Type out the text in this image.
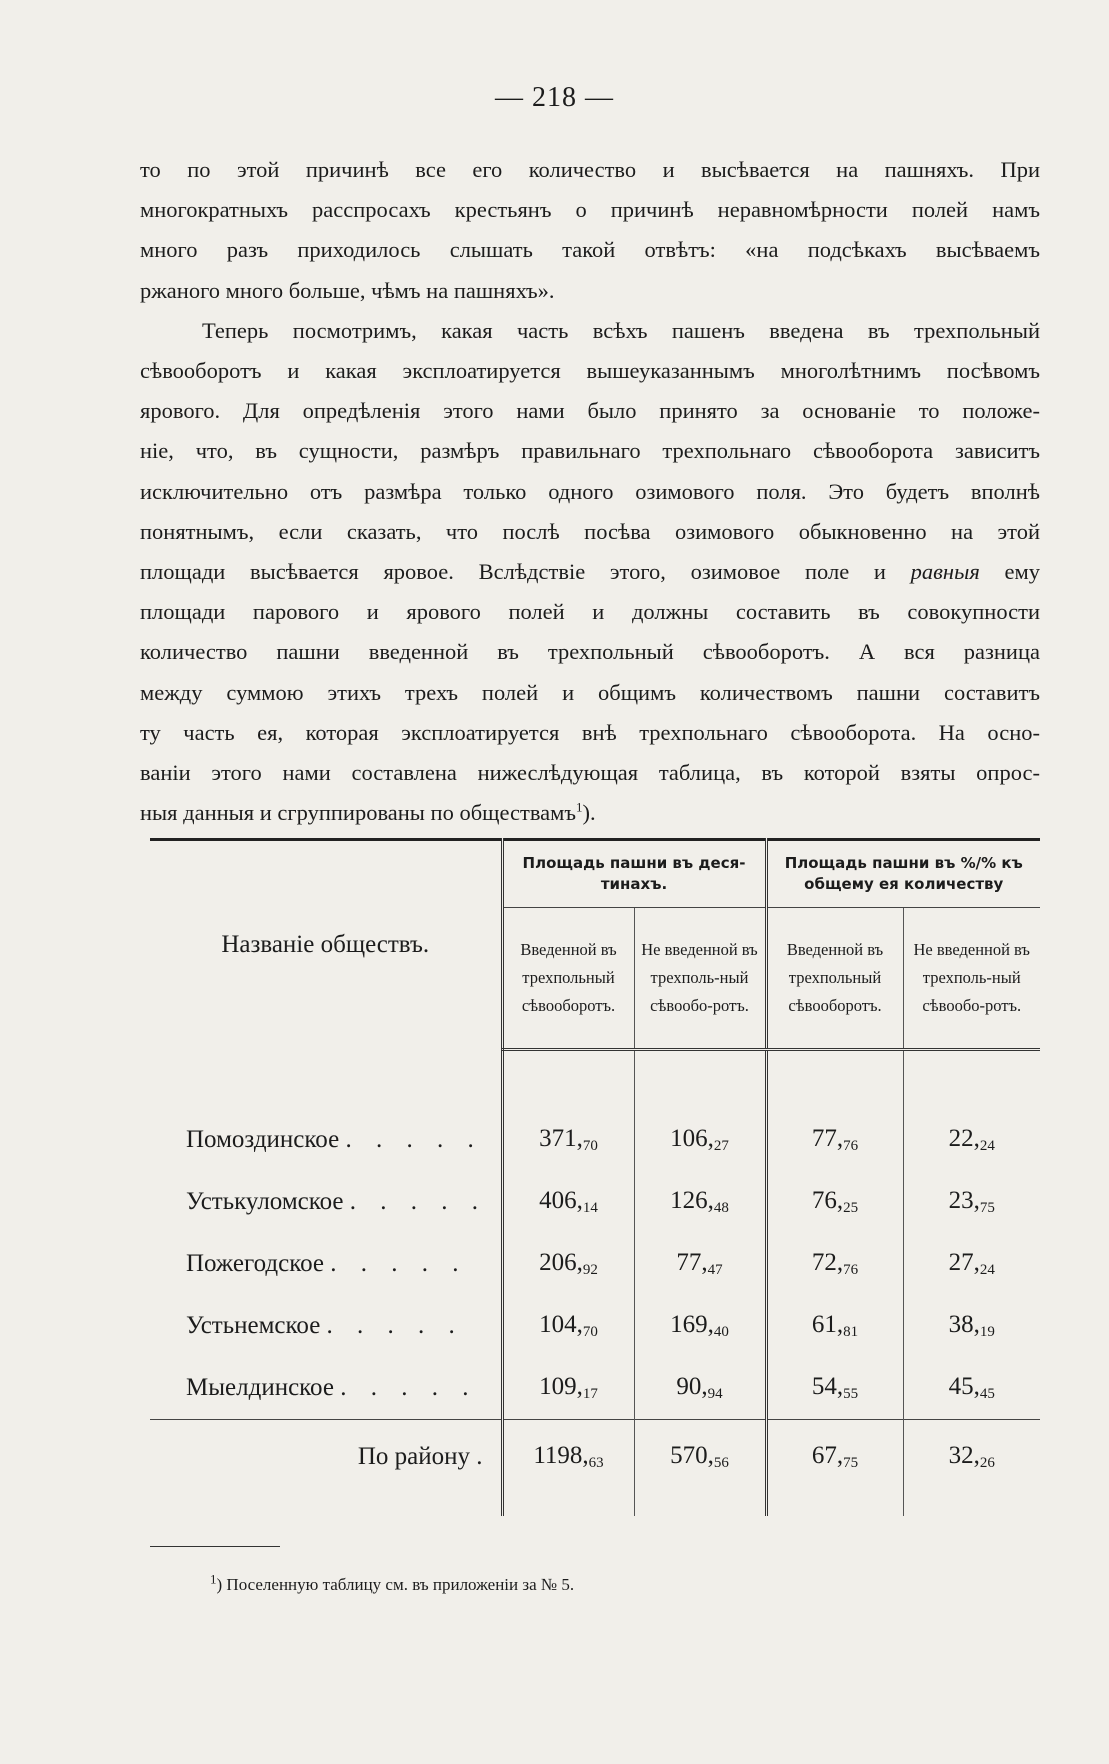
— 218 —

то по этой причинѣ все его количество и высѣвается на пашняхъ. При
многократныхъ расспросахъ крестьянъ о причинѣ неравномѣрности полей намъ
много разъ приходилось слышать такой отвѣтъ: «на подсѣкахъ высѣваемъ
ржаного много больше, чѣмъ на пашняхъ».

Теперь посмотримъ, какая часть всѣхъ пашенъ введена въ трехпольный
сѣвооборотъ и какая эксплоатируется вышеуказаннымъ многолѣтнимъ посѣвомъ
ярового. Для опредѣленія этого нами было принято за основаніе то положе-
ніе, что, въ сущности, размѣръ правильнаго трехпольнаго сѣвооборота зависитъ
исключительно отъ размѣра только одного озимового поля. Это будетъ вполнѣ
понятнымъ, если сказать, что послѣ посѣва озимового обыкновенно на этой
площади высѣвается яровое. Вслѣдствіе этого, озимовое поле и равныя ему
площади парового и ярового полей и должны составить въ совокупности
количество пашни введенной въ трехпольный сѣвооборотъ. А вся разница
между суммою этихъ трехъ полей и общимъ количествомъ пашни составитъ
ту часть ея, которая эксплоатируется внѣ трехпольнаго сѣвооборота. На осно-
ваніи этого нами составлена нижеслѣдующая таблица, въ которой взяты опрос-
ныя данныя и сгруппированы по обществамъ$^1$).

Названіе обществъ.	Площадь пашни въ деся-тинахъ.		Площадь пашни въ %/% къ общему ея количеству	
	Введенной въ трехпольный сѣвооборотъ.	Не введенной въ трехполь-ный сѣвообо-ротъ.	Введенной въ трехпольный сѣвооборотъ.	Не введенной въ трехполь-ный сѣвообо-ротъ.

Помоздинское . . . . .	$371,_{70}$	$106,_{27}$	$77,_{76}$	$22,_{24}$
Устькуломское . . . . .	$406,_{14}$	$126,_{48}$	$76,_{25}$	$23,_{75}$
Пожегодское . . . . .	$206,_{92}$	$77,_{47}$	$72,_{76}$	$27,_{24}$
Устьнемское . . . . .	$104,_{70}$	$169,_{40}$	$61,_{81}$	$38,_{19}$
Мыелдинское . . . . .	$109,_{17}$	$90,_{94}$	$54,_{55}$	$45,_{45}$
По району .	$1198,_{63}$	$570,_{56}$	$67,_{75}$	$32,_{26}$

$^1$) Поселенную таблицу см. въ приложеніи за № 5.
